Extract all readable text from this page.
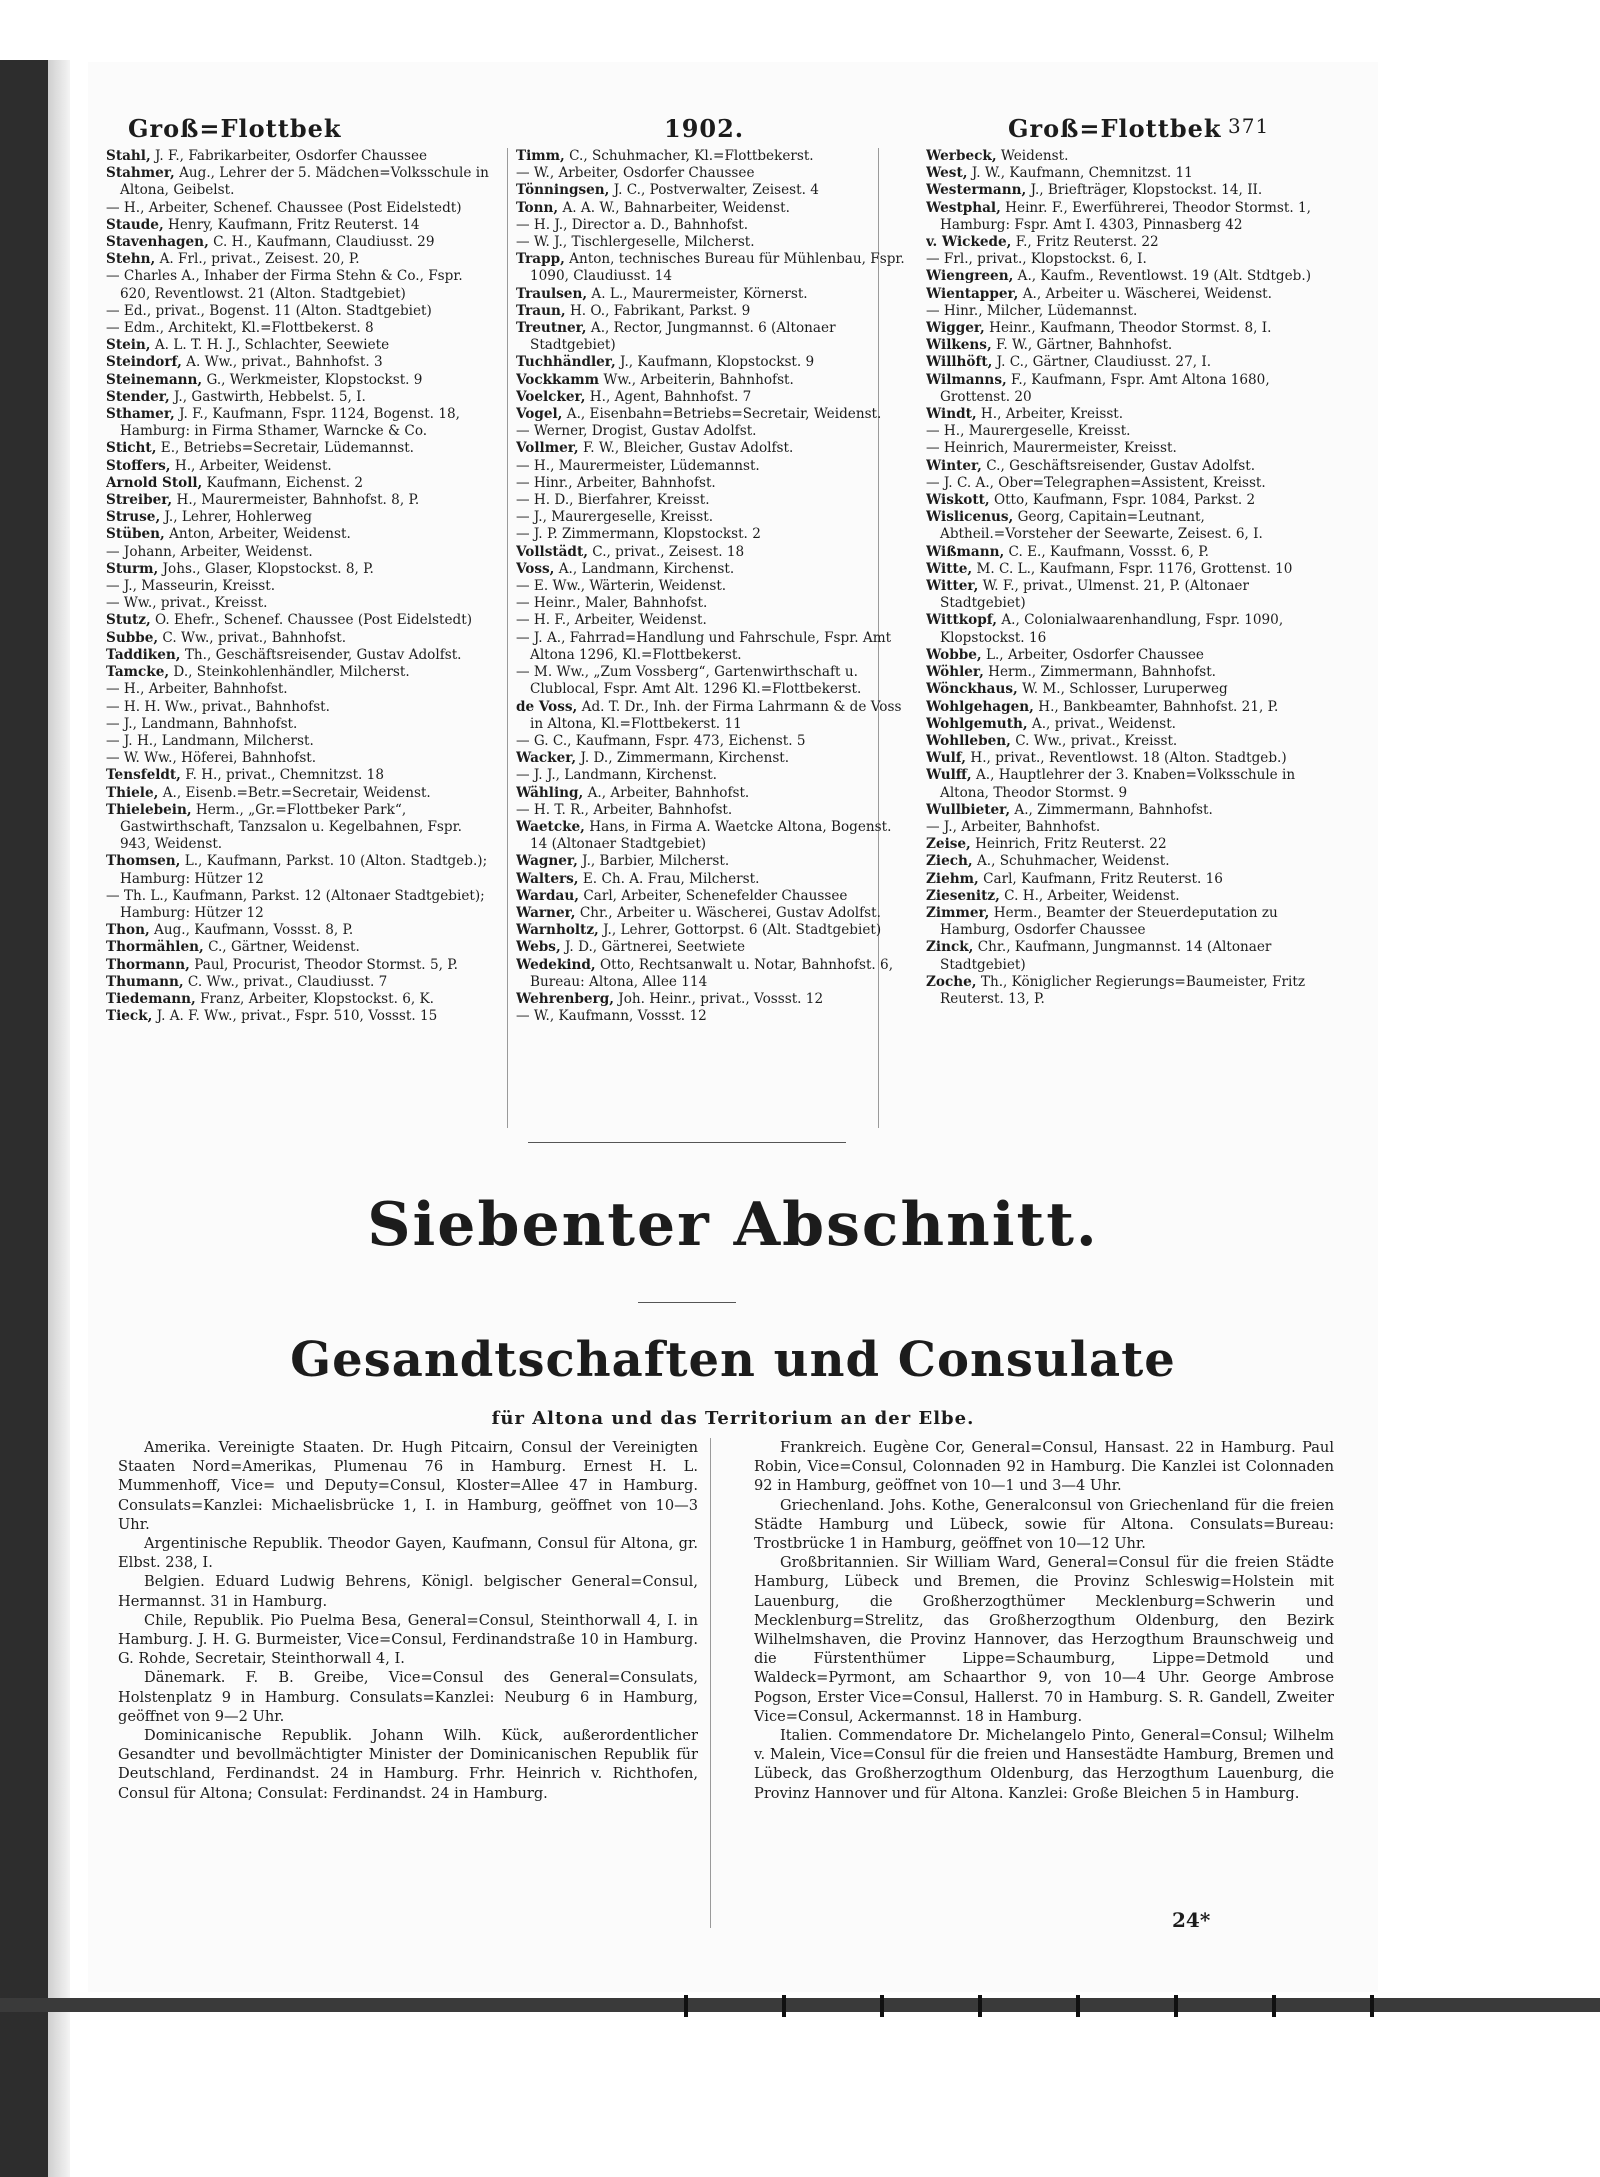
Groß=Flottbek	1902.	Groß=Flottbek 371

Stahl, J. F., Fabrikarbeiter, Osdorfer Chaussee

Stahmer, Aug., Lehrer der 5. Mädchen=Volksschule in Altona, Geibelst.

— H., Arbeiter, Schenef. Chaussee (Post Eidelstedt)

Staude, Henry, Kaufmann, Fritz Reuterst. 14

Stavenhagen, C. H., Kaufmann, Claudiusst. 29

Stehn, A. Frl., privat., Zeisest. 20, P.

— Charles A., Inhaber der Firma Stehn & Co., Fspr. 620, Reventlowst. 21 (Alton. Stadtgebiet)

— Ed., privat., Bogenst. 11 (Alton. Stadtgebiet)

— Edm., Architekt, Kl.=Flottbekerst. 8

Stein, A. L. T. H. J., Schlachter, Seewiete

Steindorf, A. Ww., privat., Bahnhofst. 3

Steinemann, G., Werkmeister, Klopstockst. 9

Stender, J., Gastwirth, Hebbelst. 5, I.

Sthamer, J. F., Kaufmann, Fspr. 1124, Bogenst. 18, Hamburg: in Firma Sthamer, Warncke & Co.

Sticht, E., Betriebs=Secretair, Lüdemannst.

Stoffers, H., Arbeiter, Weidenst.

Arnold Stoll, Kaufmann, Eichenst. 2

Streiber, H., Maurermeister, Bahnhofst. 8, P.

Struse, J., Lehrer, Hohlerweg

Stüben, Anton, Arbeiter, Weidenst.

— Johann, Arbeiter, Weidenst.

Sturm, Johs., Glaser, Klopstockst. 8, P.

— J., Masseurin, Kreisst.

— Ww., privat., Kreisst.

Stutz, O. Ehefr., Schenef. Chaussee (Post Eidelstedt)

Subbe, C. Ww., privat., Bahnhofst.

Taddiken, Th., Geschäftsreisender, Gustav Adolfst.

Tamcke, D., Steinkohlenhändler, Milcherst.

— H., Arbeiter, Bahnhofst.

— H. H. Ww., privat., Bahnhofst.

— J., Landmann, Bahnhofst.

— J. H., Landmann, Milcherst.

— W. Ww., Höferei, Bahnhofst.

Tensfeldt, F. H., privat., Chemnitzst. 18

Thiele, A., Eisenb.=Betr.=Secretair, Weidenst.

Thielebein, Herm., „Gr.=Flottbeker Park“, Gastwirthschaft, Tanzsalon u. Kegelbahnen, Fspr. 943, Weidenst.

Thomsen, L., Kaufmann, Parkst. 10 (Alton. Stadtgeb.); Hamburg: Hützer 12

— Th. L., Kaufmann, Parkst. 12 (Altonaer Stadtgebiet); Hamburg: Hützer 12

Thon, Aug., Kaufmann, Vossst. 8, P.

Thormählen, C., Gärtner, Weidenst.

Thormann, Paul, Procurist, Theodor Stormst. 5, P.

Thumann, C. Ww., privat., Claudiusst. 7

Tiedemann, Franz, Arbeiter, Klopstockst. 6, K.

Tieck, J. A. F. Ww., privat., Fspr. 510, Vossst. 15

Timm, C., Schuhmacher, Kl.=Flottbekerst.

— W., Arbeiter, Osdorfer Chaussee

Tönningsen, J. C., Postverwalter, Zeisest. 4

Tonn, A. A. W., Bahnarbeiter, Weidenst.

— H. J., Director a. D., Bahnhofst.

— W. J., Tischlergeselle, Milcherst.

Trapp, Anton, technisches Bureau für Mühlenbau, Fspr. 1090, Claudiusst. 14

Traulsen, A. L., Maurermeister, Körnerst.

Traun, H. O., Fabrikant, Parkst. 9

Treutner, A., Rector, Jungmannst. 6 (Altonaer Stadtgebiet)

Tuchhändler, J., Kaufmann, Klopstockst. 9

Vockkamm Ww., Arbeiterin, Bahnhofst.

Voelcker, H., Agent, Bahnhofst. 7

Vogel, A., Eisenbahn=Betriebs=Secretair, Weidenst.

— Werner, Drogist, Gustav Adolfst.

Vollmer, F. W., Bleicher, Gustav Adolfst.

— H., Maurermeister, Lüdemannst.

— Hinr., Arbeiter, Bahnhofst.

— H. D., Bierfahrer, Kreisst.

— J., Maurergeselle, Kreisst.

— J. P. Zimmermann, Klopstockst. 2

Vollstädt, C., privat., Zeisest. 18

Voss, A., Landmann, Kirchenst.

— E. Ww., Wärterin, Weidenst.

— Heinr., Maler, Bahnhofst.

— H. F., Arbeiter, Weidenst.

— J. A., Fahrrad=Handlung und Fahrschule, Fspr. Amt Altona 1296, Kl.=Flottbekerst.

— M. Ww., „Zum Vossberg“, Gartenwirthschaft u. Clublocal, Fspr. Amt Alt. 1296 Kl.=Flottbekerst.

de Voss, Ad. T. Dr., Inh. der Firma Lahrmann & de Voss in Altona, Kl.=Flottbekerst. 11

— G. C., Kaufmann, Fspr. 473, Eichenst. 5

Wacker, J. D., Zimmermann, Kirchenst.

— J. J., Landmann, Kirchenst.

Wähling, A., Arbeiter, Bahnhofst.

— H. T. R., Arbeiter, Bahnhofst.

Waetcke, Hans, in Firma A. Waetcke Altona, Bogenst. 14 (Altonaer Stadtgebiet)

Wagner, J., Barbier, Milcherst.

Walters, E. Ch. A. Frau, Milcherst.

Wardau, Carl, Arbeiter, Schenefelder Chaussee

Warner, Chr., Arbeiter u. Wäscherei, Gustav Adolfst.

Warnholtz, J., Lehrer, Gottorpst. 6 (Alt. Stadtgebiet)

Webs, J. D., Gärtnerei, Seetwiete

Wedekind, Otto, Rechtsanwalt u. Notar, Bahnhofst. 6, Bureau: Altona, Allee 114

Wehrenberg, Joh. Heinr., privat., Vossst. 12

— W., Kaufmann, Vossst. 12

Werbeck, Weidenst.

West, J. W., Kaufmann, Chemnitzst. 11

Westermann, J., Briefträger, Klopstockst. 14, II.

Westphal, Heinr. F., Ewerführerei, Theodor Stormst. 1, Hamburg: Fspr. Amt I. 4303, Pinnasberg 42

v. Wickede, F., Fritz Reuterst. 22

— Frl., privat., Klopstockst. 6, I.

Wiengreen, A., Kaufm., Reventlowst. 19 (Alt. Stdtgeb.)

Wientapper, A., Arbeiter u. Wäscherei, Weidenst.

— Hinr., Milcher, Lüdemannst.

Wigger, Heinr., Kaufmann, Theodor Stormst. 8, I.

Wilkens, F. W., Gärtner, Bahnhofst.

Willhöft, J. C., Gärtner, Claudiusst. 27, I.

Wilmanns, F., Kaufmann, Fspr. Amt Altona 1680, Grottenst. 20

Windt, H., Arbeiter, Kreisst.

— H., Maurergeselle, Kreisst.

— Heinrich, Maurermeister, Kreisst.

Winter, C., Geschäftsreisender, Gustav Adolfst.

— J. C. A., Ober=Telegraphen=Assistent, Kreisst.

Wiskott, Otto, Kaufmann, Fspr. 1084, Parkst. 2

Wislicenus, Georg, Capitain=Leutnant, Abtheil.=Vorsteher der Seewarte, Zeisest. 6, I.

Wißmann, C. E., Kaufmann, Vossst. 6, P.

Witte, M. C. L., Kaufmann, Fspr. 1176, Grottenst. 10

Witter, W. F., privat., Ulmenst. 21, P. (Altonaer Stadtgebiet)

Wittkopf, A., Colonialwaarenhandlung, Fspr. 1090, Klopstockst. 16

Wobbe, L., Arbeiter, Osdorfer Chaussee

Wöhler, Herm., Zimmermann, Bahnhofst.

Wönckhaus, W. M., Schlosser, Luruperweg

Wohlgehagen, H., Bankbeamter, Bahnhofst. 21, P.

Wohlgemuth, A., privat., Weidenst.

Wohlleben, C. Ww., privat., Kreisst.

Wulf, H., privat., Reventlowst. 18 (Alton. Stadtgeb.)

Wulff, A., Hauptlehrer der 3. Knaben=Volksschule in Altona, Theodor Stormst. 9

Wullbieter, A., Zimmermann, Bahnhofst.

— J., Arbeiter, Bahnhofst.

Zeise, Heinrich, Fritz Reuterst. 22

Ziech, A., Schuhmacher, Weidenst.

Ziehm, Carl, Kaufmann, Fritz Reuterst. 16

Ziesenitz, C. H., Arbeiter, Weidenst.

Zimmer, Herm., Beamter der Steuerdeputation zu Hamburg, Osdorfer Chaussee

Zinck, Chr., Kaufmann, Jungmannst. 14 (Altonaer Stadtgebiet)

Zoche, Th., Königlicher Regierungs=Baumeister, Fritz Reuterst. 13, P.

Siebenter Abschnitt.
Gesandtschaften und Consulate
für Altona und das Territorium an der Elbe.

Amerika. Vereinigte Staaten. Dr. Hugh Pitcairn, Consul der Vereinigten Staaten Nord=Amerikas, Plumenau 76 in Hamburg. Ernest H. L. Mummenhoff, Vice= und Deputy=Consul, Kloster=Allee 47 in Hamburg. Consulats=Kanzlei: Michaelisbrücke 1, I. in Hamburg, geöffnet von 10—3 Uhr.

Argentinische Republik. Theodor Gayen, Kaufmann, Consul für Altona, gr. Elbst. 238, I.

Belgien. Eduard Ludwig Behrens, Königl. belgischer General=Consul, Hermannst. 31 in Hamburg.

Chile, Republik. Pio Puelma Besa, General=Consul, Steinthorwall 4, I. in Hamburg. J. H. G. Burmeister, Vice=Consul, Ferdinandstraße 10 in Hamburg. G. Rohde, Secretair, Steinthorwall 4, I.

Dänemark. F. B. Greibe, Vice=Consul des General=Consulats, Holstenplatz 9 in Hamburg. Consulats=Kanzlei: Neuburg 6 in Hamburg, geöffnet von 9—2 Uhr.

Dominicanische Republik. Johann Wilh. Kück, außerordentlicher Gesandter und bevollmächtigter Minister der Dominicanischen Republik für Deutschland, Ferdinandst. 24 in Hamburg. Frhr. Heinrich v. Richthofen, Consul für Altona; Consulat: Ferdinandst. 24 in Hamburg.

Frankreich. Eugène Cor, General=Consul, Hansast. 22 in Hamburg. Paul Robin, Vice=Consul, Colonnaden 92 in Hamburg. Die Kanzlei ist Colonnaden 92 in Hamburg, geöffnet von 10—1 und 3—4 Uhr.

Griechenland. Johs. Kothe, Generalconsul von Griechenland für die freien Städte Hamburg und Lübeck, sowie für Altona. Consulats=Bureau: Trostbrücke 1 in Hamburg, geöffnet von 10—12 Uhr.

Großbritannien. Sir William Ward, General=Consul für die freien Städte Hamburg, Lübeck und Bremen, die Provinz Schleswig=Holstein mit Lauenburg, die Großherzogthümer Mecklenburg=Schwerin und Mecklenburg=Strelitz, das Großherzogthum Oldenburg, den Bezirk Wilhelmshaven, die Provinz Hannover, das Herzogthum Braunschweig und die Fürstenthümer Lippe=Schaumburg, Lippe=Detmold und Waldeck=Pyrmont, am Schaarthor 9, von 10—4 Uhr. George Ambrose Pogson, Erster Vice=Consul, Hallerst. 70 in Hamburg. S. R. Gandell, Zweiter Vice=Consul, Ackermannst. 18 in Hamburg.

Italien. Commendatore Dr. Michelangelo Pinto, General=Consul; Wilhelm v. Malein, Vice=Consul für die freien und Hansestädte Hamburg, Bremen und Lübeck, das Großherzogthum Oldenburg, das Herzogthum Lauenburg, die Provinz Hannover und für Altona. Kanzlei: Große Bleichen 5 in Hamburg.

24*
